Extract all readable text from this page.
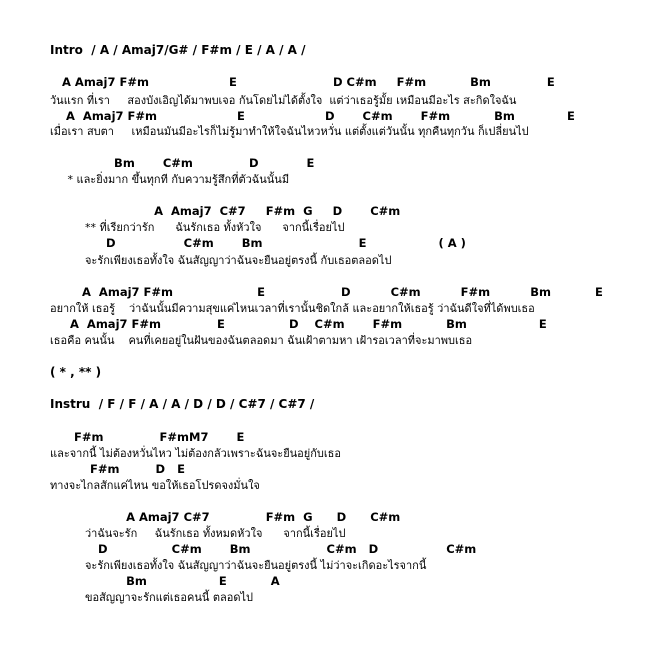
Intro  / A / Amaj7/G# / F#m / E / A / A /
A Amaj7 F#m                    E                        D C#m     F#m           Bm              E
วันแรก ที่เรา     สองบังเอิญได้มาพบเจอ กันโดยไม่ได้ตั้งใจ  แต่ว่าเธอรู้มั้ย เหมือนมีอะไร สะกิดใจฉัน
A  Amaj7 F#m                    E                    D       C#m       F#m           Bm             E
เมื่อเรา สบตา     เหมือนมันมีอะไรก็ไม่รู้มาทำให้ใจฉันไหวหวั่น แต่ตั้งแต่วันนั้น ทุกคืนทุกวัน ก็เปลี่ยนไป
Bm       C#m              D            E
* และยิ่งมาก ขึ้นทุกที กับความรู้สึกที่ตัวฉันนั้นมี
A  Amaj7  C#7     F#m  G     D       C#m
** ที่เรียกว่ารัก      ฉันรักเธอ ทั้งหัวใจ      จากนี้เรื่อยไป
D                 C#m       Bm                        E                  ( A )
จะรักเพียงเธอทั้งใจ ฉันสัญญาว่าฉันจะยืนอยู่ตรงนี้ กับเธอตลอดไป
A  Amaj7 F#m                     E                   D          C#m          F#m          Bm           E
อยากให้ เธอรู้    ว่าฉันนั้นมีความสุขแค่ไหนเวลาที่เรานั้นชิดใกล้ และอยากให้เธอรู้ ว่าฉันดีใจที่ได้พบเธอ
A  Amaj7 F#m              E                D    C#m       F#m           Bm                  E
เธอคือ คนนั้น    คนที่เคยอยู่ในฝันของฉันตลอดมา ฉันเฝ้าตามหา เฝ้ารอเวลาที่จะมาพบเธอ
( * , ** )
Instru  / F / F / A / A / D / D / C#7 / C#7 /
F#m              F#mM7       E
และจากนี้ ไม่ต้องหวั่นไหว ไม่ต้องกลัวเพราะฉันจะยืนอยู่กับเธอ
F#m         D   E
ทางจะไกลสักแค่ไหน ขอให้เธอโปรดจงมั่นใจ
A Amaj7 C#7              F#m  G      D      C#m
ว่าฉันจะรัก     ฉันรักเธอ ทั้งหมดหัวใจ      จากนี้เรื่อยไป
D                C#m       Bm                   C#m   D                 C#m
จะรักเพียงเธอทั้งใจ ฉันสัญญาว่าฉันจะยืนอยู่ตรงนี้ ไม่ว่าจะเกิดอะไรจากนี้
Bm                  E           A
ขอสัญญาจะรักแต่เธอคนนี้ ตลอดไป
